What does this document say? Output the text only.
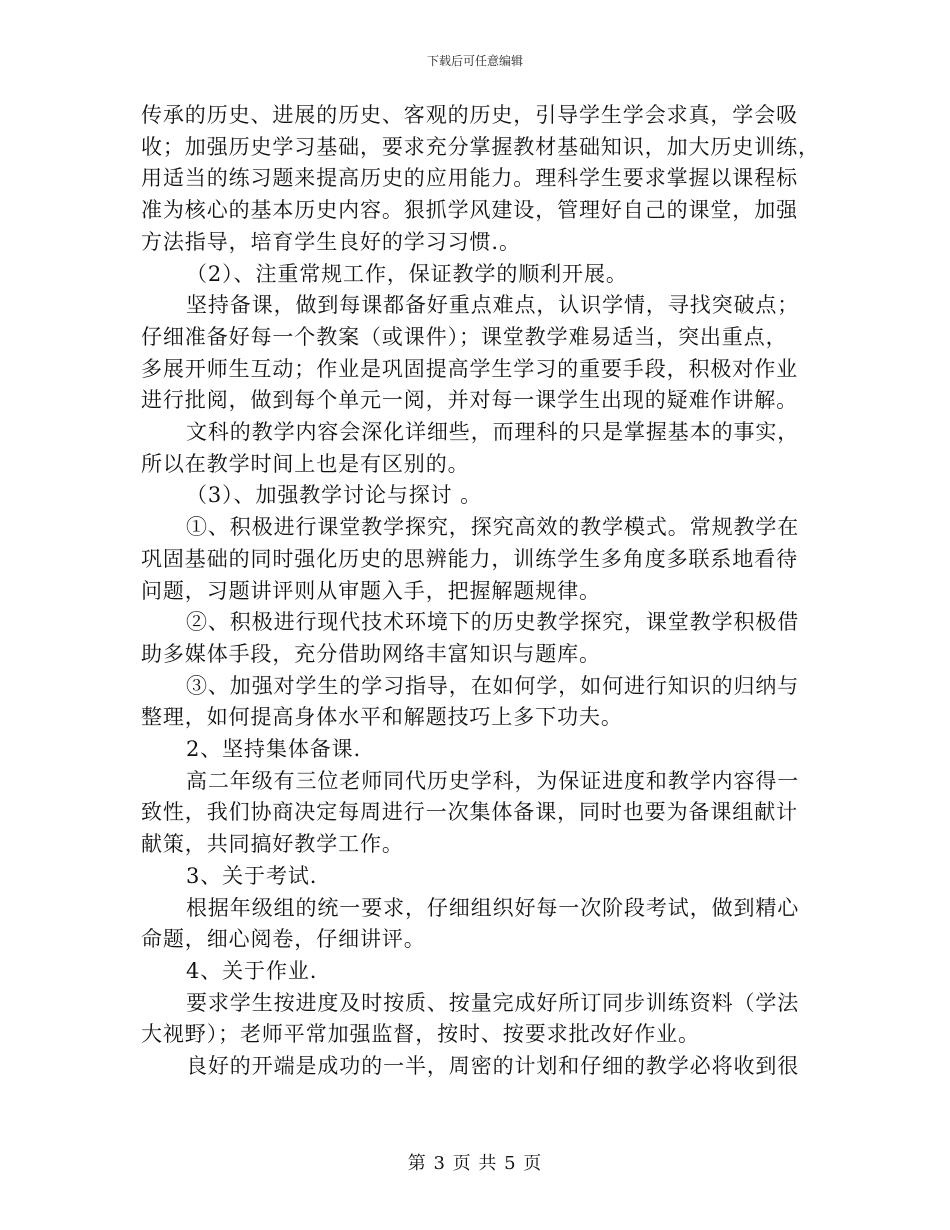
下载后可任意编辑
传承的历史、进展的历史、客观的历史，引导学生学会求真，学会吸
收；加强历史学习基础，要求充分掌握教材基础知识，加大历史训练，
用适当的练习题来提高历史的应用能力。理科学生要求掌握以课程标
准为核心的基本历史内容。狠抓学风建设，管理好自己的课堂，加强
方法指导，培育学生良好的学习习惯.。
（2）、注重常规工作，保证教学的顺利开展。
坚持备课，做到每课都备好重点难点，认识学情，寻找突破点；
仔细准备好每一个教案（或课件）；课堂教学难易适当，突出重点，
多展开师生互动；作业是巩固提高学生学习的重要手段，积极对作业
进行批阅，做到每个单元一阅，并对每一课学生出现的疑难作讲解。
文科的教学内容会深化详细些，而理科的只是掌握基本的事实，
所以在教学时间上也是有区别的。
（3）、加强教学讨论与探讨 。
①、积极进行课堂教学探究，探究高效的教学模式。常规教学在
巩固基础的同时强化历史的思辨能力，训练学生多角度多联系地看待
问题，习题讲评则从审题入手，把握解题规律。
②、积极进行现代技术环境下的历史教学探究，课堂教学积极借
助多媒体手段，充分借助网络丰富知识与题库。
③、加强对学生的学习指导，在如何学，如何进行知识的归纳与
整理，如何提高身体水平和解题技巧上多下功夫。
2、坚持集体备课.
高二年级有三位老师同代历史学科，为保证进度和教学内容得一
致性，我们协商决定每周进行一次集体备课，同时也要为备课组献计
献策，共同搞好教学工作。
3、关于考试.
根据年级组的统一要求，仔细组织好每一次阶段考试，做到精心
命题，细心阅卷，仔细讲评。
4、关于作业.
要求学生按进度及时按质、按量完成好所订同步训练资料（学法
大视野）；老师平常加强监督，按时、按要求批改好作业。
良好的开端是成功的一半，周密的计划和仔细的教学必将收到很
第 3 页 共 5 页
